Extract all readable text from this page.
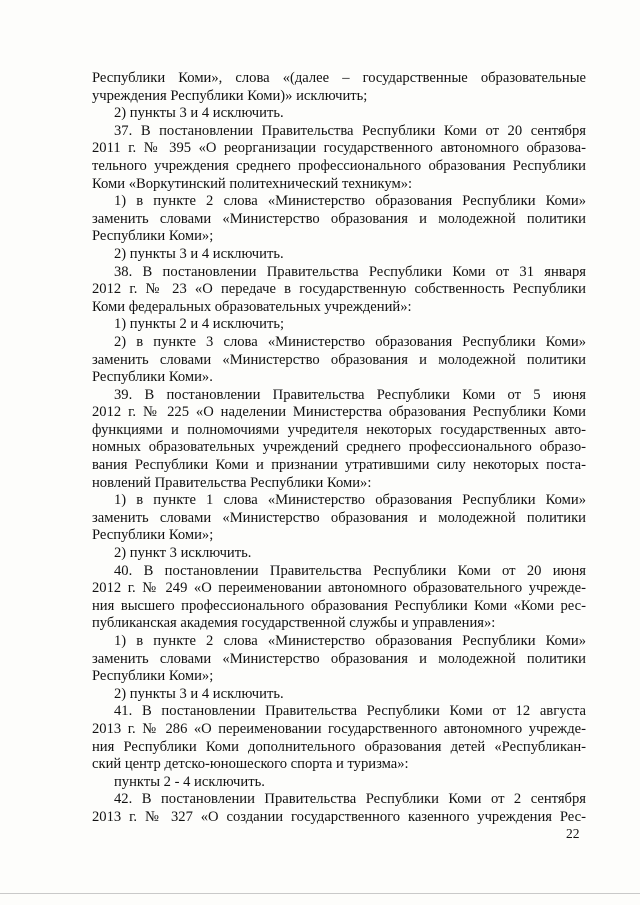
Республики Коми», слова «(далее – государственные образовательные
учреждения Республики Коми)» исключить;
2) пункты 3 и 4 исключить.
37. В постановлении Правительства Республики Коми от 20 сентября
2011 г. № 395 «О реорганизации государственного автономного образова-
тельного учреждения среднего профессионального образования Республики
Коми «Воркутинский политехнический техникум»:
1) в пункте 2 слова «Министерство образования Республики Коми»
заменить словами «Министерство образования и молодежной политики
Республики Коми»;
2) пункты 3 и 4 исключить.
38. В постановлении Правительства Республики Коми от 31 января
2012 г. № 23 «О передаче в государственную собственность Республики
Коми федеральных образовательных учреждений»:
1) пункты 2 и 4 исключить;
2) в пункте 3 слова «Министерство образования Республики Коми»
заменить словами «Министерство образования и молодежной политики
Республики Коми».
39. В постановлении Правительства Республики Коми от 5 июня
2012 г. № 225 «О наделении Министерства образования Республики Коми
функциями и полномочиями учредителя некоторых государственных авто-
номных образовательных учреждений среднего профессионального образо-
вания Республики Коми и признании утратившими силу некоторых поста-
новлений Правительства Республики Коми»:
1) в пункте 1 слова «Министерство образования Республики Коми»
заменить словами «Министерство образования и молодежной политики
Республики Коми»;
2) пункт 3 исключить.
40. В постановлении Правительства Республики Коми от 20 июня
2012 г. № 249 «О переименовании автономного образовательного учрежде-
ния высшего профессионального образования Республики Коми «Коми рес-
публиканская академия государственной службы и управления»:
1) в пункте 2 слова «Министерство образования Республики Коми»
заменить словами «Министерство образования и молодежной политики
Республики Коми»;
2) пункты 3 и 4 исключить.
41. В постановлении Правительства Республики Коми от 12 августа
2013 г. № 286 «О переименовании государственного автономного учрежде-
ния Республики Коми дополнительного образования детей «Республикан-
ский центр детско-юношеского спорта и туризма»:
пункты 2 - 4 исключить.
42. В постановлении Правительства Республики Коми от 2 сентября
2013 г. № 327 «О создании государственного казенного учреждения Рес-
22
